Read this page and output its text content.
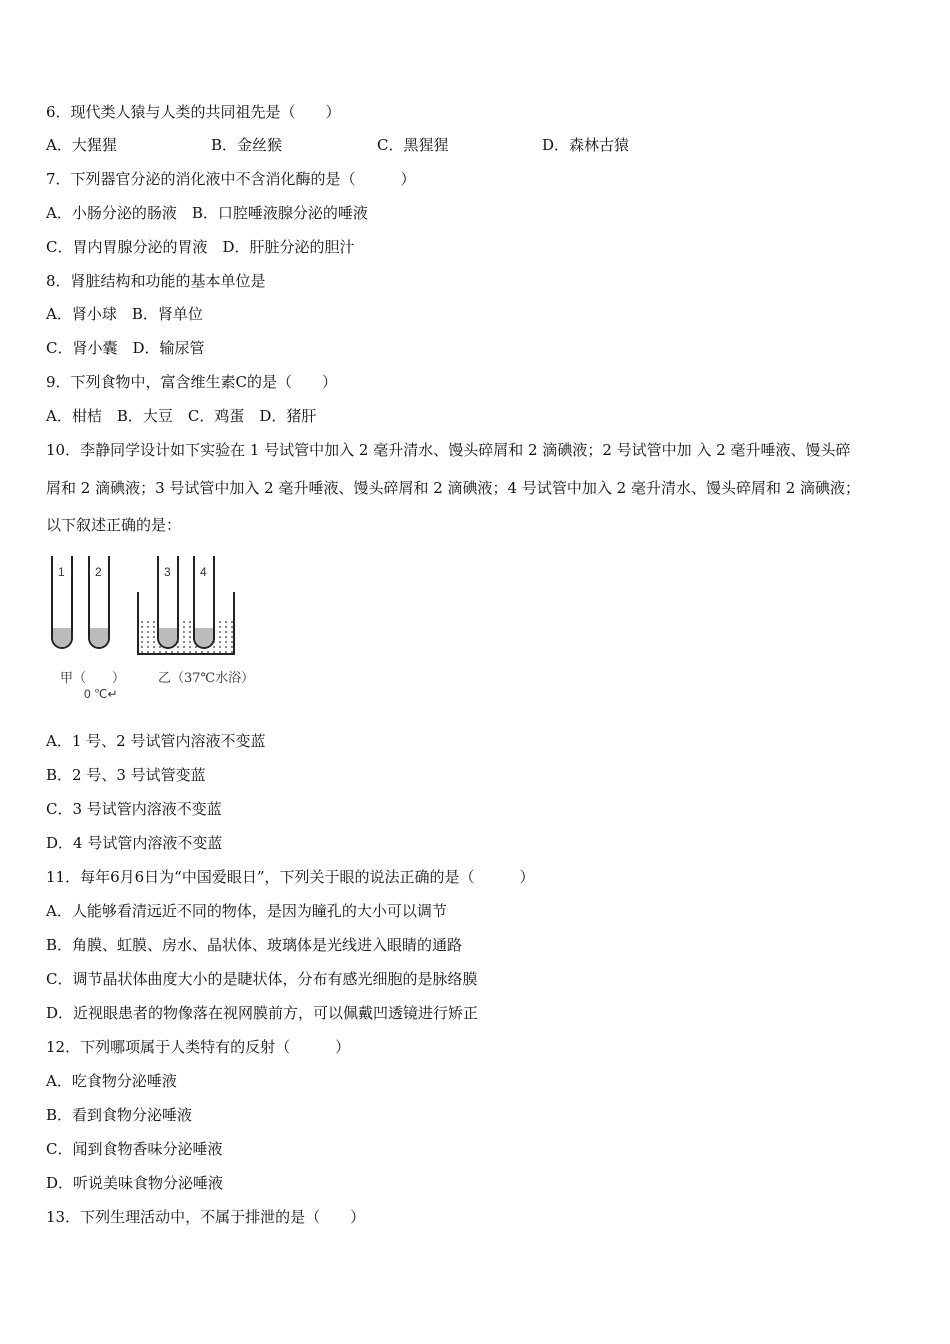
6．现代类人猿与人类的共同祖先是（　　）
A．大猩猩	B．金丝猴	C．黑猩猩	D．森林古猿
7．下列器官分泌的消化液中不含消化酶的是（　　　）
A．小肠分泌的肠液　B．口腔唾液腺分泌的唾液
C．胃内胃腺分泌的胃液　D．肝脏分泌的胆汁
8．肾脏结构和功能的基本单位是
A．肾小球　B．肾单位
C．肾小囊　D．输尿管
9．下列食物中，富含维生素C的是（　　）
A．柑桔　B．大豆　C．鸡蛋　D．猪肝
10．李静同学设计如下实验在 1 号试管中加入 2 毫升清水、馒头碎屑和 2 滴碘液；2 号试管中加 入 2 毫升唾液、馒头碎
屑和 2 滴碘液；3 号试管中加入 2 毫升唾液、馒头碎屑和 2 滴碘液；4 号试管中加入 2 毫升清水、馒头碎屑和 2 滴碘液；
以下叙述正确的是：
1	2	3 4
甲（　　）
0 ℃↵
乙（37℃水浴）
A．1 号、2 号试管内溶液不变蓝
B．2 号、3 号试管变蓝
C．3 号试管内溶液不变蓝
D．4 号试管内溶液不变蓝
11．每年6月6日为“中国爱眼日”，下列关于眼的说法正确的是（　　　）
A．人能够看清远近不同的物体，是因为瞳孔的大小可以调节
B．角膜、虹膜、房水、晶状体、玻璃体是光线进入眼睛的通路
C．调节晶状体曲度大小的是睫状体，分布有感光细胞的是脉络膜
D．近视眼患者的物像落在视网膜前方，可以佩戴凹透镜进行矫正
12．下列哪项属于人类特有的反射（　　　）
A．吃食物分泌唾液
B．看到食物分泌唾液
C．闻到食物香味分泌唾液
D．听说美味食物分泌唾液
13．下列生理活动中，不属于排泄的是（　　）
